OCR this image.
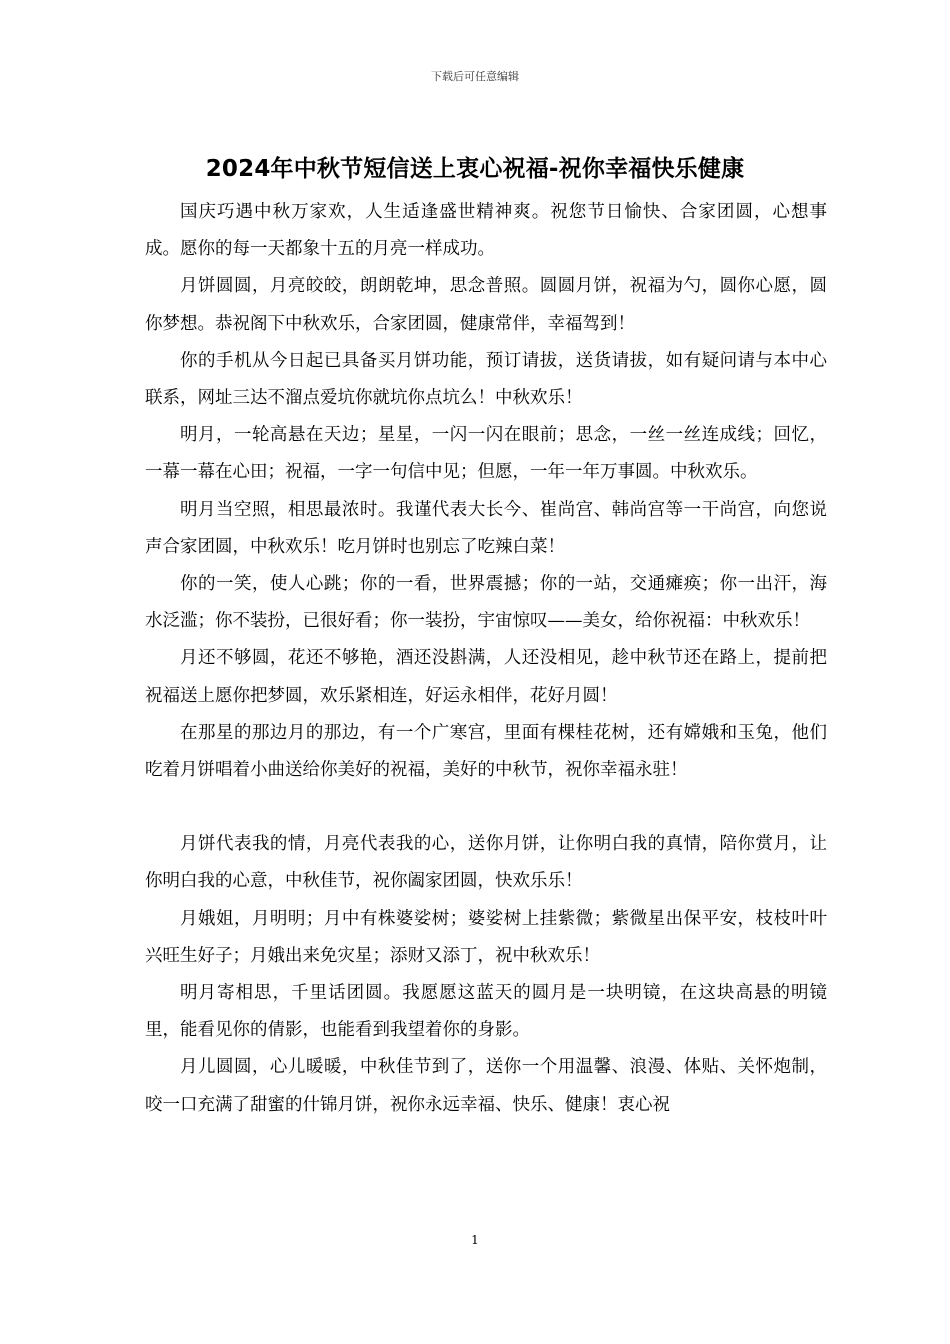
下载后可任意编辑
2024年中秋节短信送上衷心祝福-祝你幸福快乐健康

国庆巧遇中秋万家欢，人生适逢盛世精神爽。祝您节日愉快、合家团圆，心想事成。愿你的每一天都象十五的月亮一样成功。

月饼圆圆，月亮皎皎，朗朗乾坤，思念普照。圆圆月饼，祝福为勺，圆你心愿，圆你梦想。恭祝阁下中秋欢乐，合家团圆，健康常伴，幸福驾到！

你的手机从今日起已具备买月饼功能，预订请拔，送货请拔，如有疑问请与本中心联系，网址三达不溜点爱坑你就坑你点坑么！中秋欢乐！

明月，一轮高悬在天边；星星，一闪一闪在眼前；思念，一丝一丝连成线；回忆，一幕一幕在心田；祝福，一字一句信中见；但愿，一年一年万事圆。中秋欢乐。

明月当空照，相思最浓时。我谨代表大长今、崔尚宫、韩尚宫等一干尚宫，向您说声合家团圆，中秋欢乐！吃月饼时也别忘了吃辣白菜！

你的一笑，使人心跳；你的一看，世界震撼；你的一站，交通瘫痪；你一出汗，海水泛滥；你不装扮，已很好看；你一装扮，宇宙惊叹——美女，给你祝福：中秋欢乐！

月还不够圆，花还不够艳，酒还没斟满，人还没相见，趁中秋节还在路上，提前把祝福送上愿你把梦圆，欢乐紧相连，好运永相伴，花好月圆！

在那星的那边月的那边，有一个广寒宫，里面有棵桂花树，还有嫦娥和玉兔，他们吃着月饼唱着小曲送给你美好的祝福，美好的中秋节，祝你幸福永驻！

月饼代表我的情，月亮代表我的心，送你月饼，让你明白我的真情，陪你赏月，让你明白我的心意，中秋佳节，祝你阖家团圆，快欢乐乐！

月娥姐，月明明；月中有株婆娑树；婆娑树上挂紫微；紫微星出保平安，枝枝叶叶兴旺生好子；月娥出来免灾星；添财又添丁，祝中秋欢乐！

明月寄相思，千里话团圆。我愿愿这蓝天的圆月是一块明镜，在这块高悬的明镜里，能看见你的倩影，也能看到我望着你的身影。

月儿圆圆，心儿暖暖，中秋佳节到了，送你一个用温馨、浪漫、体贴、关怀炮制，咬一口充满了甜蜜的什锦月饼，祝你永远幸福、快乐、健康！衷心祝

1
